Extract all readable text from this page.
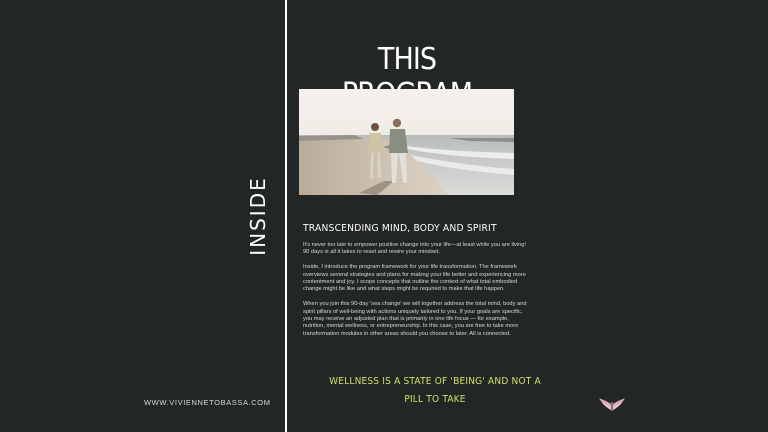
INSIDE
WWW.VIVIENNETOBASSA.COM
THIS
TRANSCENDING MIND, BODY AND SPIRIT

It's never too late to empower positive change into your life—at least while you are living! 90 days is all it takes to reset and rewire your mindset.

Inside, I introduce the program framework for your life transformation. The framework overviews several strategies and plans for making your life better and experiencing more contentment and joy. I scope concepts that outline the context of what total embodied change might be like and what steps might be required to make that life happen.

When you join this 90-day 'sea change' we will together address the total mind, body and spirit pillars of well-being with actions uniquely tailored to you. If your goals are specific, you may receive an adjusted plan that is primarily in one life focus — for example, nutrition, mental wellness, or entrepreneurship. In this case, you are free to take more transformation modules in other areas should you choose to later. All is connected.

WELLNESS IS A STATE OF 'BEING' AND NOT A
PILL TO TAKE
